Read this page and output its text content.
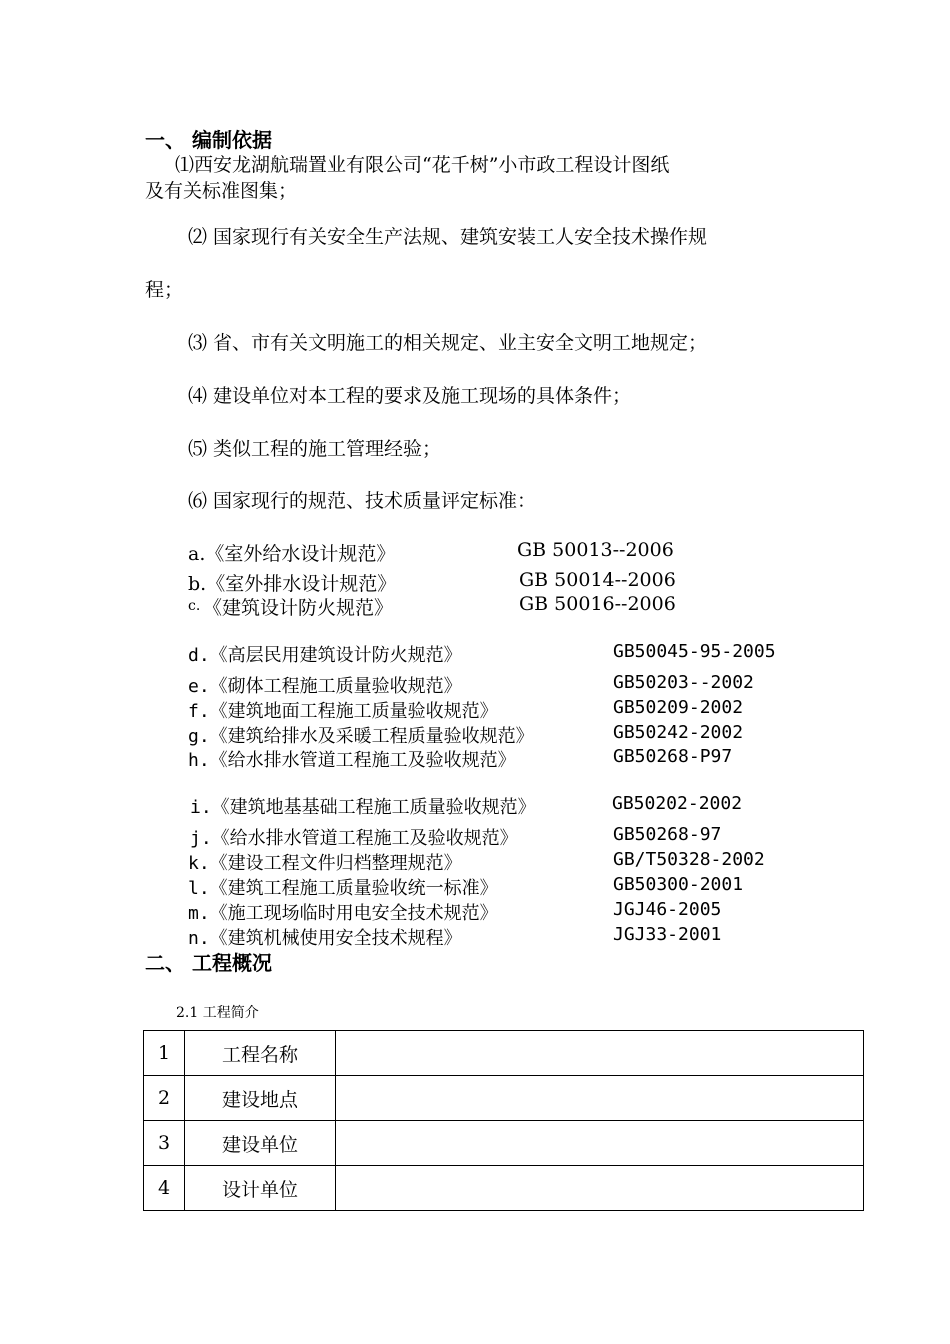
一、 编制依据
⑴西安龙湖航瑞置业有限公司“花千树”小市政工程设计图纸
及有关标准图集；
⑵ 国家现行有关安全生产法规、建筑安装工人安全技术操作规
程；
⑶ 省、市有关文明施工的相关规定、业主安全文明工地规定；
⑷ 建设单位对本工程的要求及施工现场的具体条件；
⑸ 类似工程的施工管理经验；
⑹ 国家现行的规范、技术质量评定标准：
a.《室外给水设计规范》	GB 50013--2006
b.《室外排水设计规范》	GB 50014--2006
c. 《建筑设计防火规范》	GB 50016--2006
d.《高层民用建筑设计防火规范》	GB50045-95-2005
e.《砌体工程施工质量验收规范》	GB50203--2002
f.《建筑地面工程施工质量验收规范》	GB50209-2002
g.《建筑给排水及采暖工程质量验收规范》	GB50242-2002
h.《给水排水管道工程施工及验收规范》	GB50268-P97
i.《建筑地基基础工程施工质量验收规范》	GB50202-2002
j.《给水排水管道工程施工及验收规范》	GB50268-97
k.《建设工程文件归档整理规范》	GB/T50328-2002
l.《建筑工程施工质量验收统一标准》	GB50300-2001
m.《施工现场临时用电安全技术规范》	JGJ46-2005
n.《建筑机械使用安全技术规程》	JGJ33-2001
二、 工程概况
2.1 工程简介
1	工程名称	
2	建设地点	
3	建设单位	
4	设计单位	
